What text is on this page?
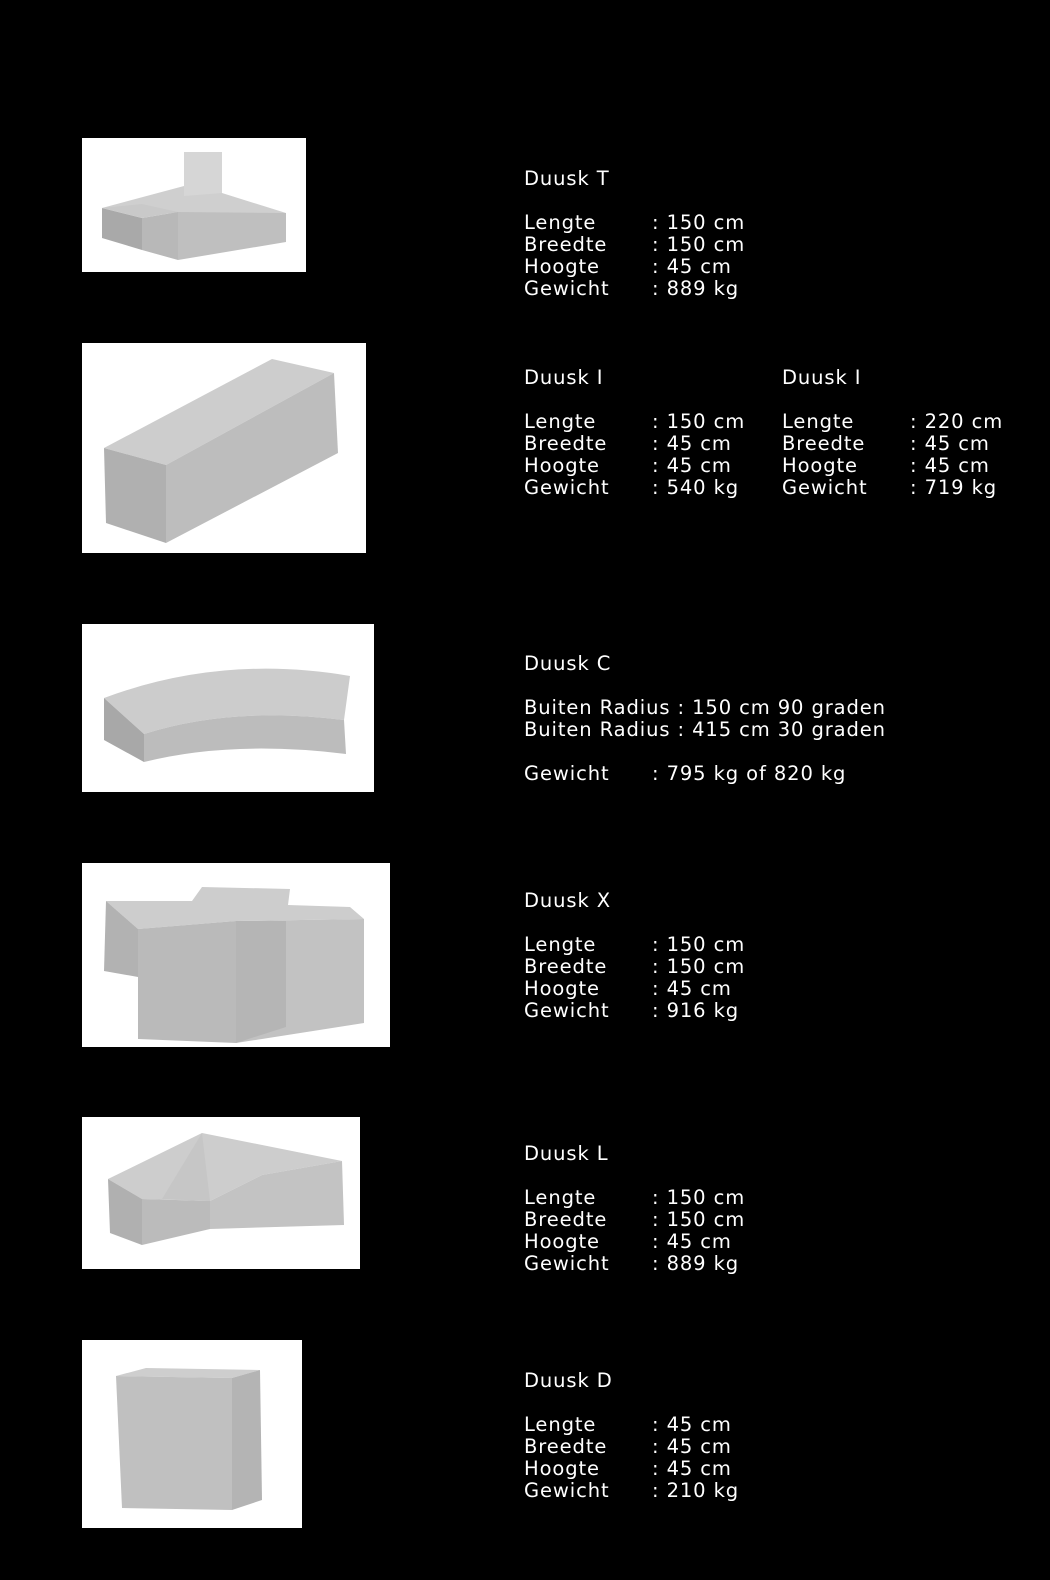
Duusk T
Lengte	: 150 cm
Breedte	: 150 cm
Hoogte	: 45 cm
Gewicht	: 889 kg
Duusk I
Lengte	: 150 cm
Breedte	: 45 cm
Hoogte	: 45 cm
Gewicht	: 540 kg
Duusk I
Lengte	: 220 cm
Breedte	: 45 cm
Hoogte	: 45 cm
Gewicht	: 719 kg
Duusk C
Buiten Radius : 150 cm 90 graden
Buiten Radius : 415 cm 30 graden
Gewicht	: 795 kg of 820 kg
Duusk X
Lengte	: 150 cm
Breedte	: 150 cm
Hoogte	: 45 cm
Gewicht	: 916 kg
Duusk L
Lengte	: 150 cm
Breedte	: 150 cm
Hoogte	: 45 cm
Gewicht	: 889 kg
Duusk D
Lengte	: 45 cm
Breedte	: 45 cm
Hoogte	: 45 cm
Gewicht	: 210 kg
